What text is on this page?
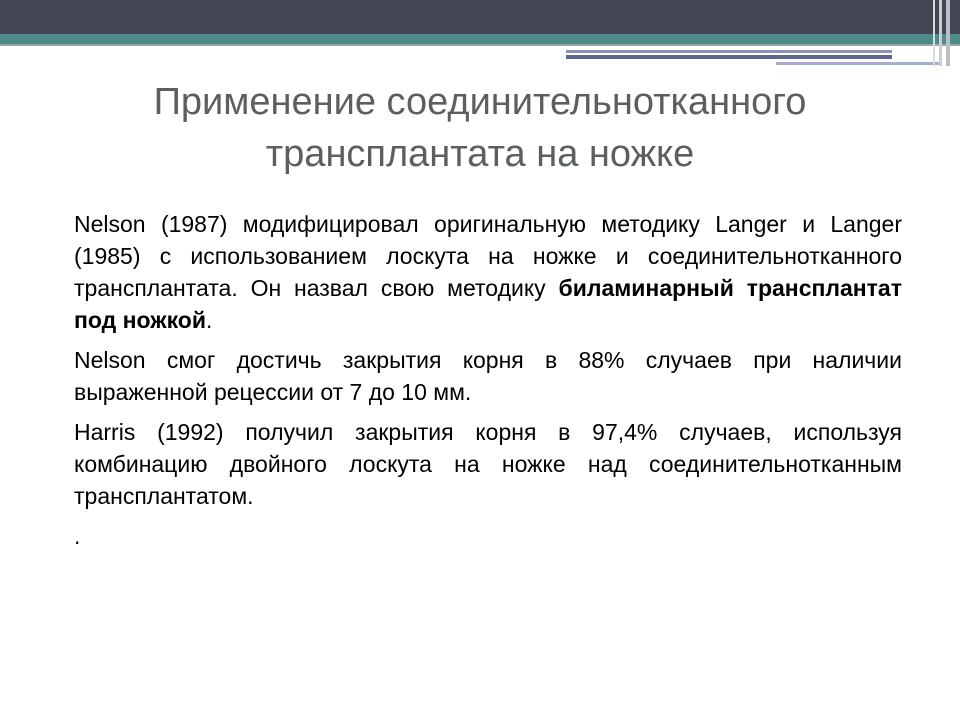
Применение соединительнотканного
трансплантата на ножке

Nelson (1987) модифицировал оригинальную методику Langer и Langer (1985) с использованием лоскута на ножке и соединительнотканного трансплантата. Он назвал свою методику биламинарный трансплантат под ножкой.

Nelson смог достичь закрытия корня в 88% случаев при наличии выраженной рецессии от 7 до 10 мм.

Harris (1992) получил закрытия корня в 97,4% случаев, используя комбинацию двойного лоскута на ножке над соединительнотканным трансплантатом.

.
